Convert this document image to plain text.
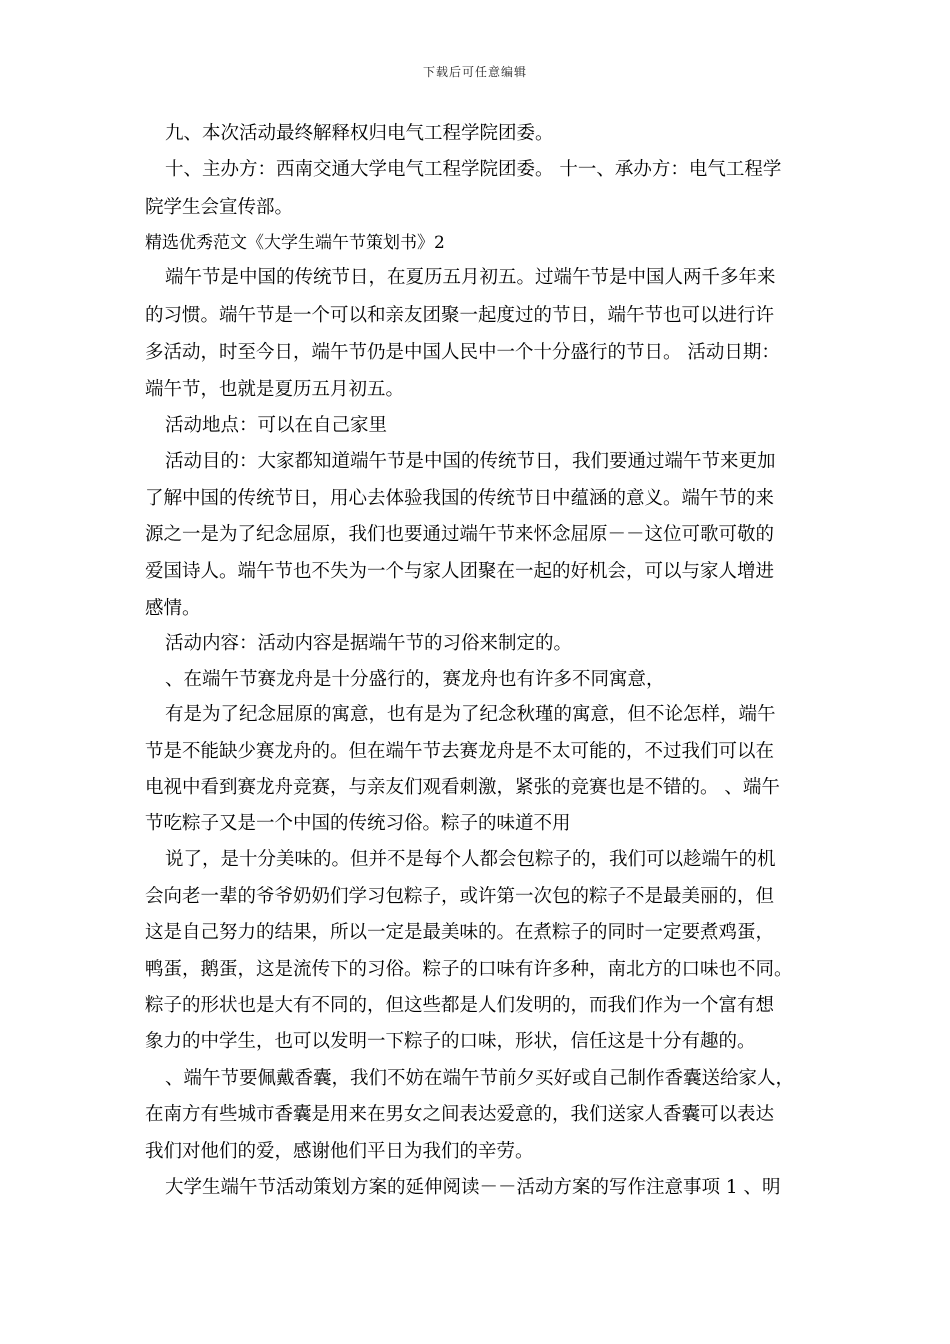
下载后可任意编辑
九、本次活动最终解释权归电气工程学院团委。
十、主办方：西南交通大学电气工程学院团委。 十一、承办方：电气工程学
院学生会宣传部。
精选优秀范文《大学生端午节策划书》2
端午节是中国的传统节日，在夏历五月初五。过端午节是中国人两千多年来
的习惯。端午节是一个可以和亲友团聚一起度过的节日，端午节也可以进行许
多活动，时至今日，端午节仍是中国人民中一个十分盛行的节日。 活动日期：
端午节，也就是夏历五月初五。
活动地点：可以在自己家里
活动目的：大家都知道端午节是中国的传统节日，我们要通过端午节来更加
了解中国的传统节日，用心去体验我国的传统节日中蕴涵的意义。端午节的来
源之一是为了纪念屈原，我们也要通过端午节来怀念屈原－－这位可歌可敬的
爱国诗人。端午节也不失为一个与家人团聚在一起的好机会，可以与家人增进
感情。
活动内容：活动内容是据端午节的习俗来制定的。
、在端午节赛龙舟是十分盛行的，赛龙舟也有许多不同寓意，
有是为了纪念屈原的寓意，也有是为了纪念秋瑾的寓意，但不论怎样，端午
节是不能缺少赛龙舟的。但在端午节去赛龙舟是不太可能的，不过我们可以在
电视中看到赛龙舟竞赛，与亲友们观看刺激，紧张的竞赛也是不错的。 、端午
节吃粽子又是一个中国的传统习俗。粽子的味道不用
说了，是十分美味的。但并不是每个人都会包粽子的，我们可以趁端午的机
会向老一辈的爷爷奶奶们学习包粽子，或许第一次包的粽子不是最美丽的，但
这是自己努力的结果，所以一定是最美味的。在煮粽子的同时一定要煮鸡蛋，
鸭蛋，鹅蛋，这是流传下的习俗。粽子的口味有许多种，南北方的口味也不同。
粽子的形状也是大有不同的，但这些都是人们发明的，而我们作为一个富有想
象力的中学生，也可以发明一下粽子的口味，形状，信任这是十分有趣的。
、端午节要佩戴香囊，我们不妨在端午节前夕买好或自己制作香囊送给家人，
在南方有些城市香囊是用来在男女之间表达爱意的，我们送家人香囊可以表达
我们对他们的爱，感谢他们平日为我们的辛劳。
大学生端午节活动策划方案的延伸阅读－－活动方案的写作注意事项 1 、明
